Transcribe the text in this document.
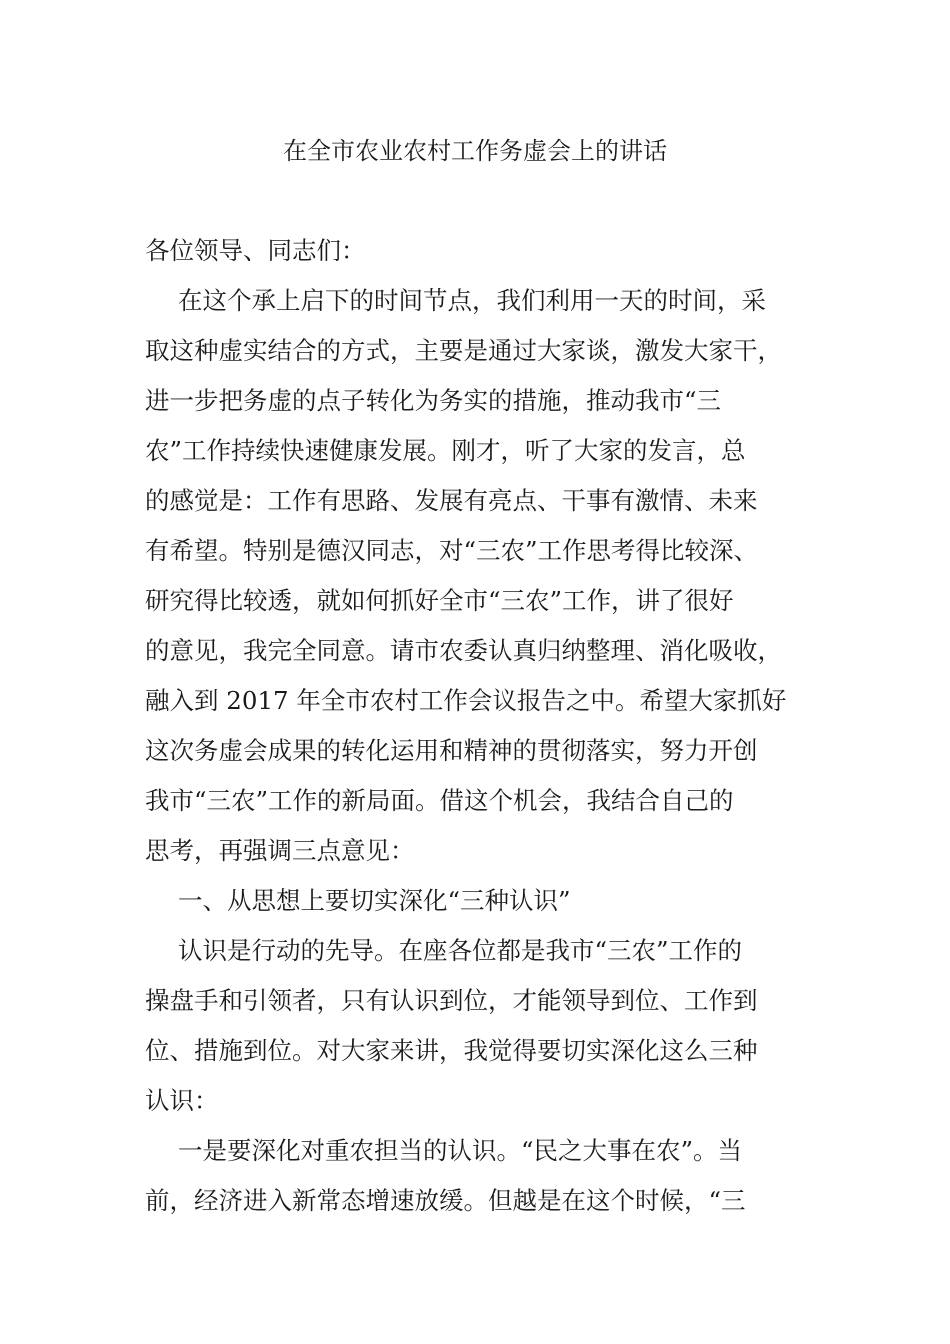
在全市农业农村工作务虚会上的讲话
各位领导、同志们：
在这个承上启下的时间节点，我们利用一天的时间，采
取这种虚实结合的方式，主要是通过大家谈，激发大家干，
进一步把务虚的点子转化为务实的措施，推动我市“三
农”工作持续快速健康发展。刚才，听了大家的发言，总
的感觉是：工作有思路、发展有亮点、干事有激情、未来
有希望。特别是德汉同志，对“三农”工作思考得比较深、
研究得比较透，就如何抓好全市“三农”工作，讲了很好
的意见，我完全同意。请市农委认真归纳整理、消化吸收，
融入到 2017 年全市农村工作会议报告之中。希望大家抓好
这次务虚会成果的转化运用和精神的贯彻落实，努力开创
我市“三农”工作的新局面。借这个机会，我结合自己的
思考，再强调三点意见：
一、从思想上要切实深化“三种认识”
认识是行动的先导。在座各位都是我市“三农”工作的
操盘手和引领者，只有认识到位，才能领导到位、工作到
位、措施到位。对大家来讲，我觉得要切实深化这么三种
认识：
一是要深化对重农担当的认识。“民之大事在农”。当
前，经济进入新常态增速放缓。但越是在这个时候，“三
